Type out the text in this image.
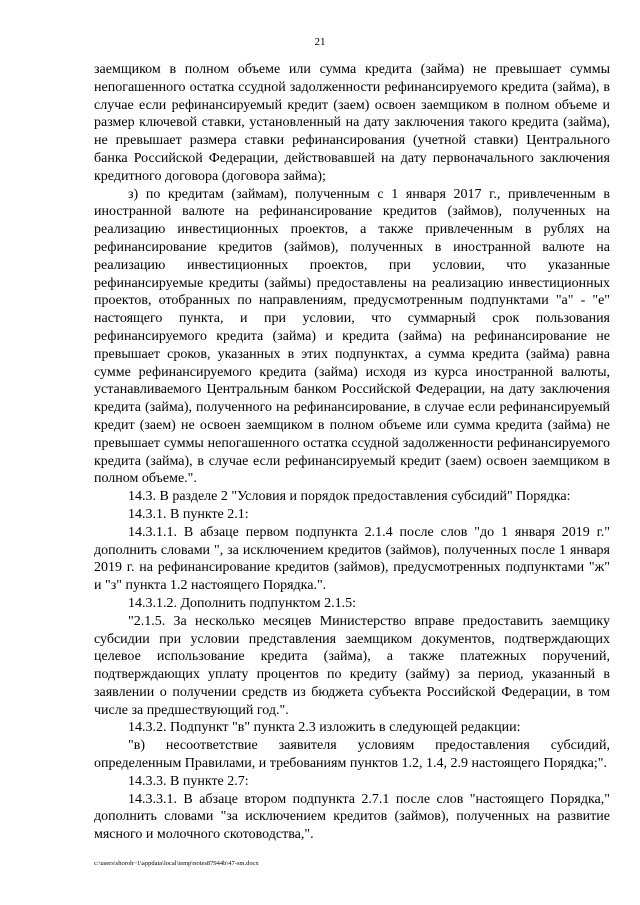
21

заемщиком в полном объеме или сумма кредита (займа) не превышает суммы непогашенного остатка ссудной задолженности рефинансируемого кредита (займа), в случае если рефинансируемый кредит (заем) освоен заемщиком в полном объеме и размер ключевой ставки, установленный на дату заключения такого кредита (займа), не превышает размера ставки рефинансирования (учетной ставки) Центрального банка Российской Федерации, действовавшей на дату первоначального заключения кредитного договора (договора займа);

з) по кредитам (займам), полученным с 1 января 2017 г., привлеченным в иностранной валюте на рефинансирование кредитов (займов), полученных на реализацию инвестиционных проектов, а также привлеченным в рублях на рефинансирование кредитов (займов), полученных в иностранной валюте на реализацию инвестиционных проектов, при условии, что указанные рефинансируемые кредиты (займы) предоставлены на реализацию инвестиционных проектов, отобранных по направлениям, предусмотренным подпунктами "а" - "е" настоящего пункта, и при условии, что суммарный срок пользования рефинансируемого кредита (займа) и кредита (займа) на рефинансирование не превышает сроков, указанных в этих подпунктах, а сумма кредита (займа) равна сумме рефинансируемого кредита (займа) исходя из курса иностранной валюты, устанавливаемого Центральным банком Российской Федерации, на дату заключения кредита (займа), полученного на рефинансирование, в случае если рефинансируемый кредит (заем) не освоен заемщиком в полном объеме или сумма кредита (займа) не превышает суммы непогашенного остатка ссудной задолженности рефинансируемого кредита (займа), в случае если рефинансируемый кредит (заем) освоен заемщиком в полном объеме.".

14.3. В разделе 2 "Условия и порядок предоставления субсидий" Порядка:

14.3.1. В пункте 2.1:

14.3.1.1. В абзаце первом подпункта 2.1.4 после слов "до 1 января 2019 г." дополнить словами ", за исключением кредитов (займов), полученных после 1 января 2019 г. на рефинансирование кредитов (займов), предусмотренных подпунктами "ж" и "з" пункта 1.2 настоящего Порядка.".

14.3.1.2. Дополнить подпунктом 2.1.5:

"2.1.5. За несколько месяцев Министерство вправе предоставить заемщику субсидии при условии представления заемщиком документов, подтверждающих целевое использование кредита (займа), а также платежных поручений, подтверждающих уплату процентов по кредиту (займу) за период, указанный в заявлении о получении средств из бюджета субъекта Российской Федерации, в том числе за предшествующий год.".

14.3.2. Подпункт "в" пункта 2.3 изложить в следующей редакции:

"в) несоответствие заявителя условиям предоставления субсидий, определенным Правилами, и требованиям пунктов 1.2, 1.4, 2.9 настоящего Порядка;".

14.3.3. В пункте 2.7:

14.3.3.1. В абзаце втором подпункта 2.7.1 после слов "настоящего Порядка," дополнить словами "за исключением кредитов (займов), полученных на развитие мясного и молочного скотоводства,".

c:\users\shoroh~1\appdata\local\temp\notes87944b\47-sm.docx
